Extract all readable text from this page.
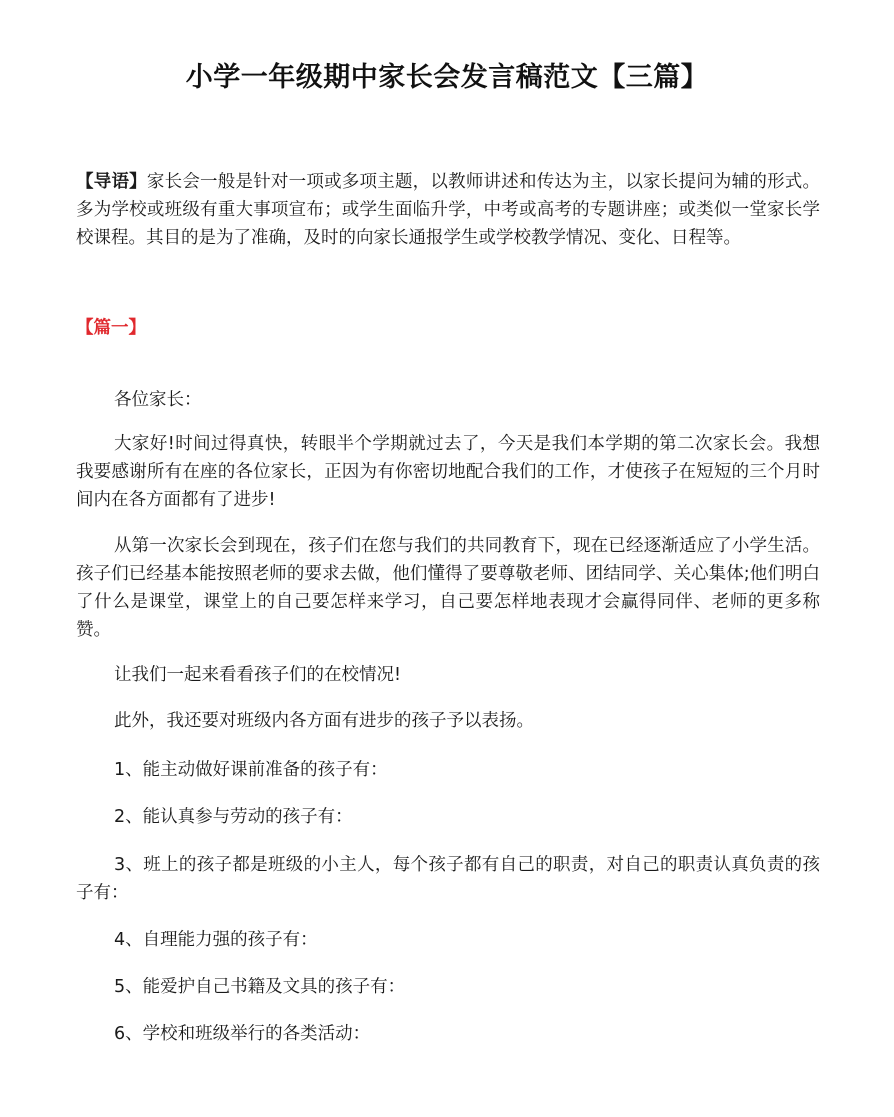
小学一年级期中家长会发言稿范文【三篇】

【导语】家长会一般是针对一项或多项主题，以教师讲述和传达为主，以家长提问为辅的形式。多为学校或班级有重大事项宣布；或学生面临升学，中考或高考的专题讲座；或类似一堂家长学校课程。其目的是为了准确，及时的向家长通报学生或学校教学情况、变化、日程等。

【篇一】

各位家长：

大家好!时间过得真快，转眼半个学期就过去了，今天是我们本学期的第二次家长会。我想我要感谢所有在座的各位家长，正因为有你密切地配合我们的工作，才使孩子在短短的三个月时间内在各方面都有了进步!

从第一次家长会到现在，孩子们在您与我们的共同教育下，现在已经逐渐适应了小学生活。孩子们已经基本能按照老师的要求去做，他们懂得了要尊敬老师、团结同学、关心集体;他们明白了什么是课堂，课堂上的自己要怎样来学习，自己要怎样地表现才会赢得同伴、老师的更多称赞。

让我们一起来看看孩子们的在校情况!

此外，我还要对班级内各方面有进步的孩子予以表扬。

1、能主动做好课前准备的孩子有：

2、能认真参与劳动的孩子有：

3、班上的孩子都是班级的小主人，每个孩子都有自己的职责，对自己的职责认真负责的孩子有：

4、自理能力强的孩子有：

5、能爱护自己书籍及文具的孩子有：

6、学校和班级举行的各类活动：
